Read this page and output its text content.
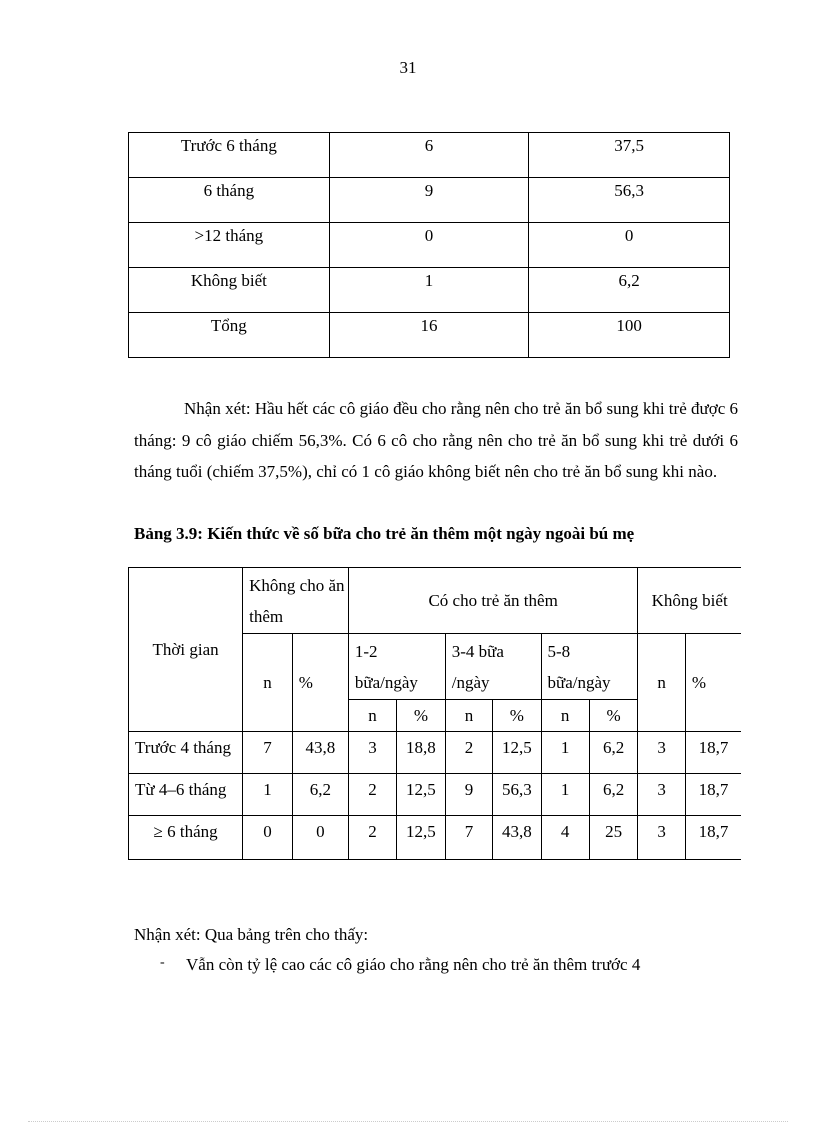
31
Trước 6 tháng	6	37,5
6 tháng	9	56,3
>12 tháng	0	0
Không biết	1	6,2
Tổng	16	100
Nhận xét: Hầu hết các cô giáo đều cho rằng nên cho trẻ ăn bổ sung khi trẻ được 6 tháng: 9 cô giáo chiếm 56,3%. Có 6 cô cho rằng nên cho trẻ ăn bổ sung khi trẻ dưới 6 tháng tuổi (chiếm 37,5%), chỉ có 1 cô giáo không biết nên cho trẻ ăn bổ sung khi nào.
Bảng 3.9: Kiến thức về số bữa cho trẻ ăn thêm một ngày ngoài bú mẹ
Thời gian	Không cho ăn thêm		Có cho trẻ ăn thêm						Không biết	
	n	%	1-2 bữa/ngày		3-4 bữa /ngày		5-8 bữa/ngày		n	%
			n	%	n	%	n	%		
Trước 4 tháng	7	43,8	3	18,8	2	12,5	1	6,2	3	18,7
Từ 4–6 tháng	1	6,2	2	12,5	9	56,3	1	6,2	3	18,7
≥ 6 tháng	0	0	2	12,5	7	43,8	4	25	3	18,7
Nhận xét: Qua bảng trên cho thấy:
- Vẫn còn tỷ lệ cao các cô giáo cho rằng nên cho trẻ ăn thêm trước 4
